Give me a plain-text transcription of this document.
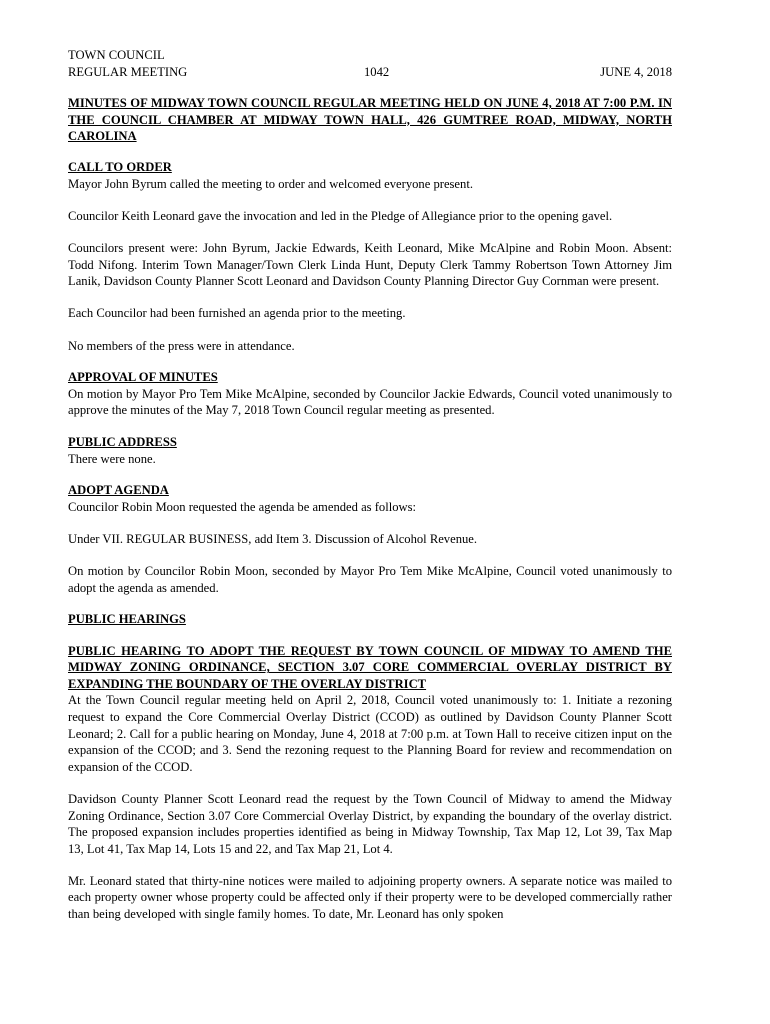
TOWN COUNCIL
REGULAR MEETING	1042	JUNE 4, 2018
MINUTES OF MIDWAY TOWN COUNCIL REGULAR MEETING HELD ON JUNE 4, 2018 AT 7:00 P.M. IN THE COUNCIL CHAMBER AT MIDWAY TOWN HALL, 426 GUMTREE ROAD, MIDWAY, NORTH CAROLINA
CALL TO ORDER

Mayor John Byrum called the meeting to order and welcomed everyone present.

Councilor Keith Leonard gave the invocation and led in the Pledge of Allegiance prior to the opening gavel.

Councilors present were: John Byrum, Jackie Edwards, Keith Leonard, Mike McAlpine and Robin Moon. Absent: Todd Nifong. Interim Town Manager/Town Clerk Linda Hunt, Deputy Clerk Tammy Robertson Town Attorney Jim Lanik, Davidson County Planner Scott Leonard and Davidson County Planning Director Guy Cornman were present.

Each Councilor had been furnished an agenda prior to the meeting.

No members of the press were in attendance.

APPROVAL OF MINUTES

On motion by Mayor Pro Tem Mike McAlpine, seconded by Councilor Jackie Edwards, Council voted unanimously to approve the minutes of the May 7, 2018 Town Council regular meeting as presented.

PUBLIC ADDRESS

There were none.

ADOPT AGENDA

Councilor Robin Moon requested the agenda be amended as follows:

Under VII. REGULAR BUSINESS, add Item 3. Discussion of Alcohol Revenue.

On motion by Councilor Robin Moon, seconded by Mayor Pro Tem Mike McAlpine, Council voted unanimously to adopt the agenda as amended.

PUBLIC HEARINGS
PUBLIC HEARING TO ADOPT THE REQUEST BY TOWN COUNCIL OF MIDWAY TO AMEND THE MIDWAY ZONING ORDINANCE, SECTION 3.07 CORE COMMERCIAL OVERLAY DISTRICT BY EXPANDING THE BOUNDARY OF THE OVERLAY DISTRICT

At the Town Council regular meeting held on April 2, 2018, Council voted unanimously to: 1. Initiate a rezoning request to expand the Core Commercial Overlay District (CCOD) as outlined by Davidson County Planner Scott Leonard; 2. Call for a public hearing on Monday, June 4, 2018 at 7:00 p.m. at Town Hall to receive citizen input on the expansion of the CCOD; and 3. Send the rezoning request to the Planning Board for review and recommendation on expansion of the CCOD.

Davidson County Planner Scott Leonard read the request by the Town Council of Midway to amend the Midway Zoning Ordinance, Section 3.07 Core Commercial Overlay District, by expanding the boundary of the overlay district. The proposed expansion includes properties identified as being in Midway Township, Tax Map 12, Lot 39, Tax Map 13, Lot 41, Tax Map 14, Lots 15 and 22, and Tax Map 21, Lot 4.

Mr. Leonard stated that thirty-nine notices were mailed to adjoining property owners. A separate notice was mailed to each property owner whose property could be affected only if their property were to be developed commercially rather than being developed with single family homes. To date, Mr. Leonard has only spoken
